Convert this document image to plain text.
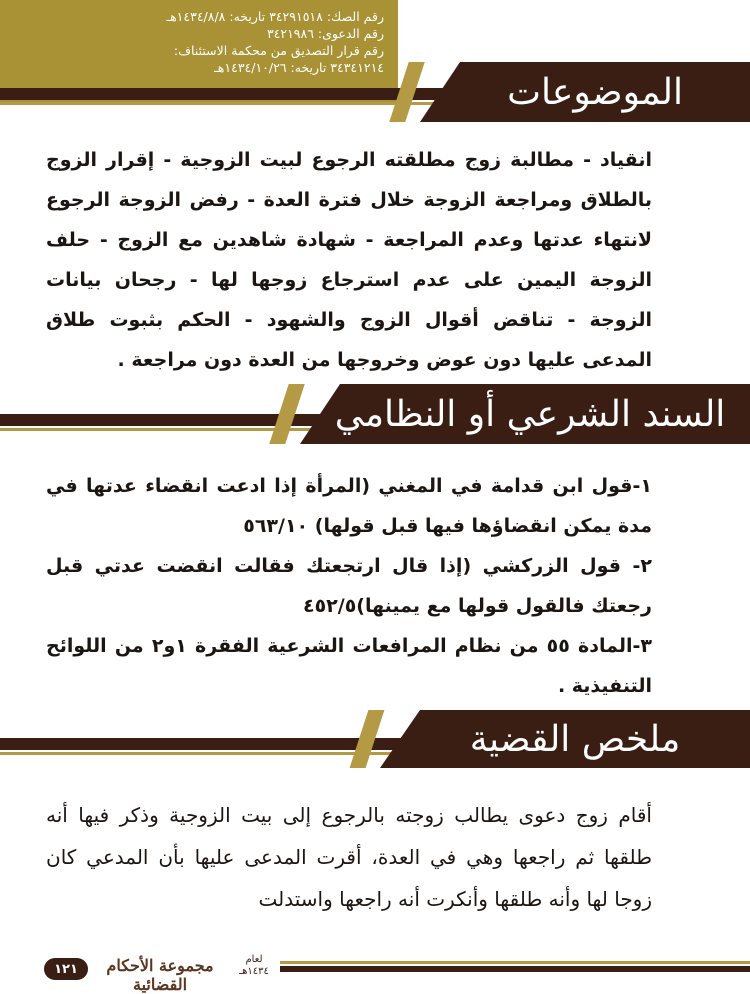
رقم الصك: ٣٤٢٩١٥١٨ تاريخه: ١٤٣٤/٨/٨هـ
رقم الدعوى: ٣٤٢١٩٨٦
رقم قرار التصديق من محكمة الاستئناف:
٣٤٣٤١٢١٤ تاريخه: ١٤٣٤/١٠/٢٦هـ
الموضوعات
انقياد - مطالبة زوج مطلقته الرجوع لبيت الزوجية - إقرار الزوج بالطلاق ومراجعة الزوجة خلال فترة العدة - رفض الزوجة الرجوع لانتهاء عدتها وعدم المراجعة - شهادة شاهدين مع الزوج - حلف الزوجة اليمين على عدم استرجاع زوجها لها - رجحان بيانات الزوجة - تناقض أقوال الزوج والشهود - الحكم بثبوت طلاق المدعى عليها دون عوض وخروجها من العدة دون مراجعة .
السند الشرعي أو النظامي
١-قول ابن قدامة في المغني (المرأة إذا ادعت انقضاء عدتها في مدة يمكن انقضاؤها فيها قبل قولها) ٥٦٣/١٠
٢- قول الزركشي (إذا قال ارتجعتك فقالت انقضت عدتي قبل رجعتك فالقول قولها مع يمينها)٤٥٢/٥
٣-المادة ٥٥ من نظام المرافعات الشرعية الفقرة ١و٢ من اللوائح التنفيذية .
ملخص القضية
أقام زوج دعوى يطالب زوجته بالرجوع إلى بيت الزوجية وذكر فيها أنه طلقها ثم راجعها وهي في العدة، أقرت المدعى عليها بأن المدعي كان زوجا لها وأنه طلقها وأنكرت أنه راجعها واستدلت
١٢١	مجموعة الأحكام القضائية
لعام
١٤٣٤هـ
